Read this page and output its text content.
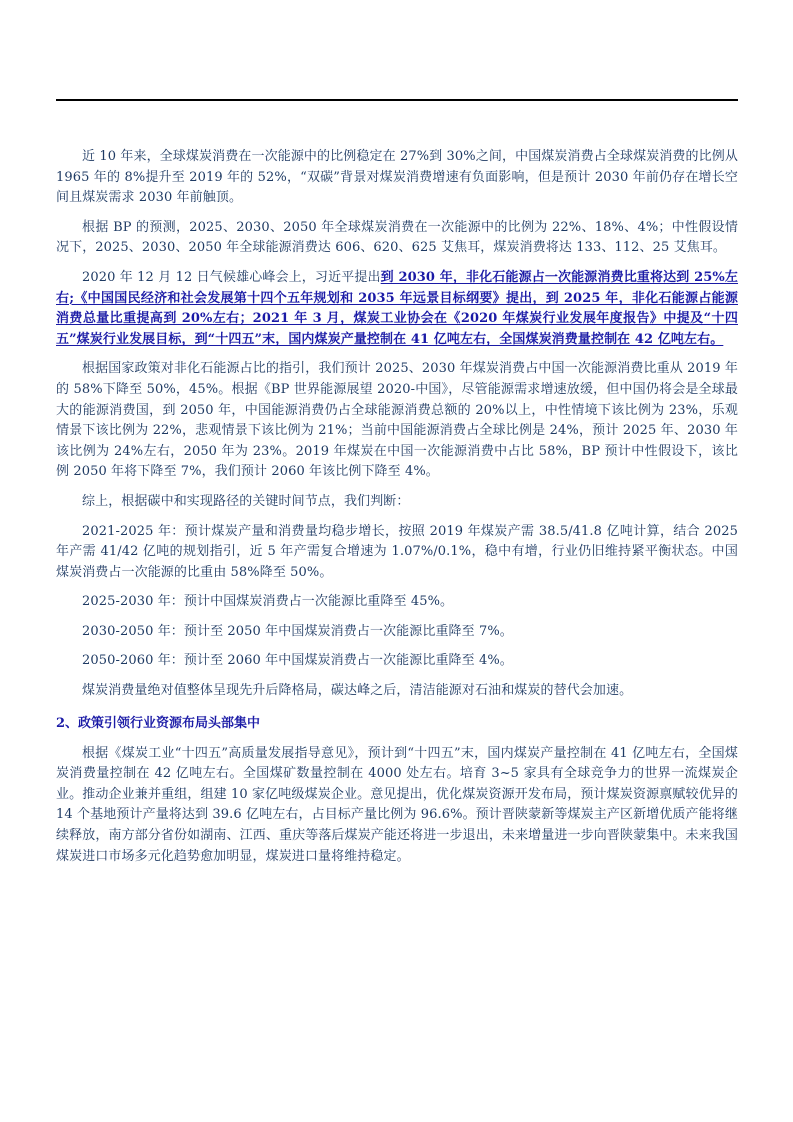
近 10 年来，全球煤炭消费在一次能源中的比例稳定在 27%到 30%之间，中国煤炭消费占全球煤炭消费的比例从 1965 年的 8%提升至 2019 年的 52%，“双碳”背景对煤炭消费增速有负面影响，但是预计 2030 年前仍存在增长空间且煤炭需求 2030 年前触顶。

根据 BP 的预测，2025、2030、2050 年全球煤炭消费在一次能源中的比例为 22%、18%、4%；中性假设情况下，2025、2030、2050 年全球能源消费达 606、620、625 艾焦耳，煤炭消费将达 133、112、25 艾焦耳。

2020 年 12 月 12 日气候雄心峰会上，习近平提出到 2030 年，非化石能源占一次能源消费比重将达到 25%左右;《中国国民经济和社会发展第十四个五年规划和 2035 年远景目标纲要》提出，到 2025 年，非化石能源占能源消费总量比重提高到 20%左右；2021 年 3 月，煤炭工业协会在《2020 年煤炭行业发展年度报告》中提及“十四五”煤炭行业发展目标，到“十四五”末，国内煤炭产量控制在 41 亿吨左右，全国煤炭消费量控制在 42 亿吨左右。

根据国家政策对非化石能源占比的指引，我们预计 2025、2030 年煤炭消费占中国一次能源消费比重从 2019 年的 58%下降至 50%，45%。根据《BP 世界能源展望 2020-中国》，尽管能源需求增速放缓，但中国仍将会是全球最大的能源消费国，到 2050 年，中国能源消费仍占全球能源消费总额的 20%以上，中性情境下该比例为 23%，乐观情景下该比例为 22%，悲观情景下该比例为 21%；当前中国能源消费占全球比例是 24%，预计 2025 年、2030 年该比例为 24%左右，2050 年为 23%。2019 年煤炭在中国一次能源消费中占比 58%，BP 预计中性假设下，该比例 2050 年将下降至 7%，我们预计 2060 年该比例下降至 4%。

综上，根据碳中和实现路径的关键时间节点，我们判断：

2021-2025 年：预计煤炭产量和消费量均稳步增长，按照 2019 年煤炭产需 38.5/41.8 亿吨计算，结合 2025 年产需 41/42 亿吨的规划指引，近 5 年产需复合增速为 1.07%/0.1%，稳中有增，行业仍旧维持紧平衡状态。中国煤炭消费占一次能源的比重由 58%降至 50%。

2025-2030 年：预计中国煤炭消费占一次能源比重降至 45%。

2030-2050 年：预计至 2050 年中国煤炭消费占一次能源比重降至 7%。

2050-2060 年：预计至 2060 年中国煤炭消费占一次能源比重降至 4%。

煤炭消费量绝对值整体呈现先升后降格局，碳达峰之后，清洁能源对石油和煤炭的替代会加速。

2、政策引领行业资源布局头部集中

根据《煤炭工业“十四五”高质量发展指导意见》，预计到“十四五”末，国内煤炭产量控制在 41 亿吨左右，全国煤炭消费量控制在 42 亿吨左右。全国煤矿数量控制在 4000 处左右。培育 3~5 家具有全球竞争力的世界一流煤炭企业。推动企业兼并重组，组建 10 家亿吨级煤炭企业。意见提出，优化煤炭资源开发布局，预计煤炭资源禀赋较优异的 14 个基地预计产量将达到 39.6 亿吨左右，占目标产量比例为 96.6%。预计晋陕蒙新等煤炭主产区新增优质产能将继续释放，南方部分省份如湖南、江西、重庆等落后煤炭产能还将进一步退出，未来增量进一步向晋陕蒙集中。未来我国煤炭进口市场多元化趋势愈加明显，煤炭进口量将维持稳定。
